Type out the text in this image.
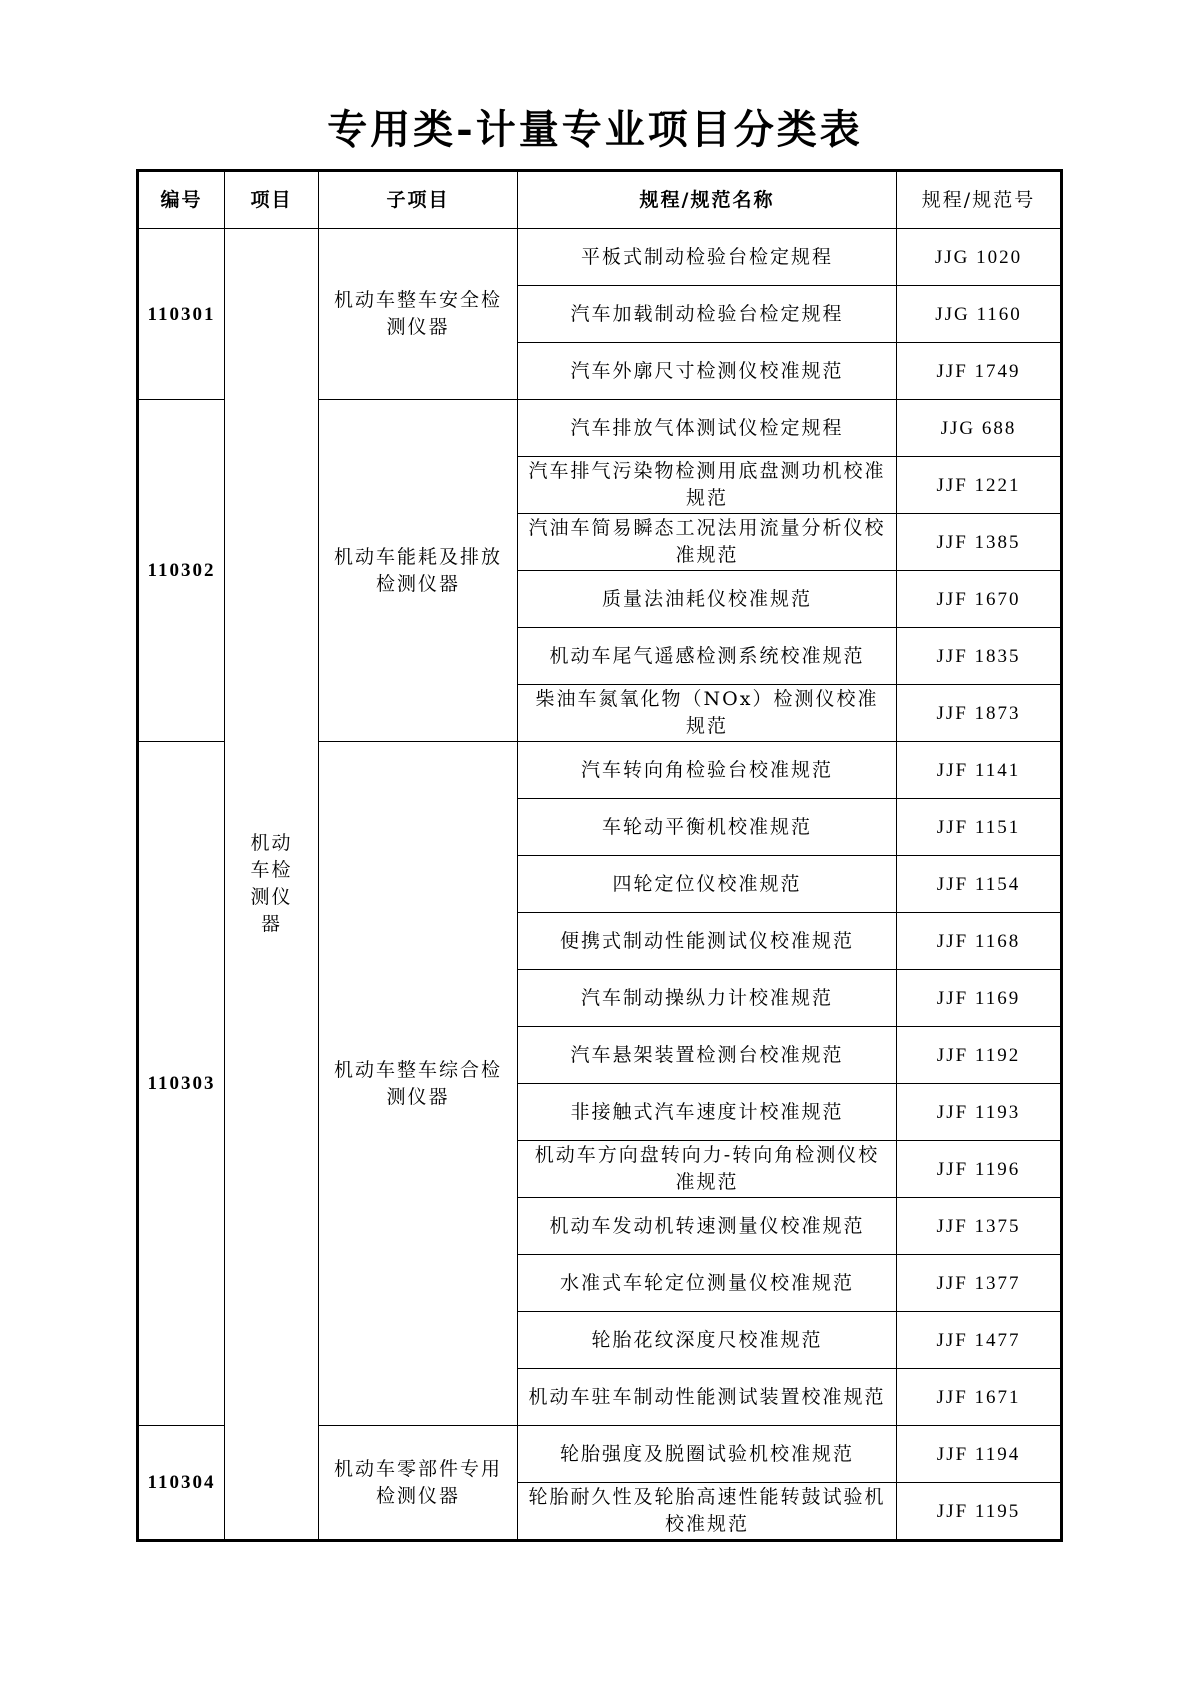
专用类-计量专业项目分类表
编号	项目	子项目	规程/规范名称	规程/规范号
110301	机动车检测仪器	机动车整车安全检测仪器	平板式制动检验台检定规程	JJG 1020
			汽车加载制动检验台检定规程	JJG 1160
			汽车外廓尺寸检测仪校准规范	JJF 1749
110302		机动车能耗及排放检测仪器	汽车排放气体测试仪检定规程	JJG 688
			汽车排气污染物检测用底盘测功机校准规范	JJF 1221
			汽油车简易瞬态工况法用流量分析仪校准规范	JJF 1385
			质量法油耗仪校准规范	JJF 1670
			机动车尾气遥感检测系统校准规范	JJF 1835
			柴油车氮氧化物（NOx）检测仪校准规范	JJF 1873
110303		机动车整车综合检测仪器	汽车转向角检验台校准规范	JJF 1141
			车轮动平衡机校准规范	JJF 1151
			四轮定位仪校准规范	JJF 1154
			便携式制动性能测试仪校准规范	JJF 1168
			汽车制动操纵力计校准规范	JJF 1169
			汽车悬架装置检测台校准规范	JJF 1192
			非接触式汽车速度计校准规范	JJF 1193
			机动车方向盘转向力-转向角检测仪校准规范	JJF 1196
			机动车发动机转速测量仪校准规范	JJF 1375
			水准式车轮定位测量仪校准规范	JJF 1377
			轮胎花纹深度尺校准规范	JJF 1477
			机动车驻车制动性能测试装置校准规范	JJF 1671
110304		机动车零部件专用检测仪器	轮胎强度及脱圈试验机校准规范	JJF 1194
			轮胎耐久性及轮胎高速性能转鼓试验机校准规范	JJF 1195
